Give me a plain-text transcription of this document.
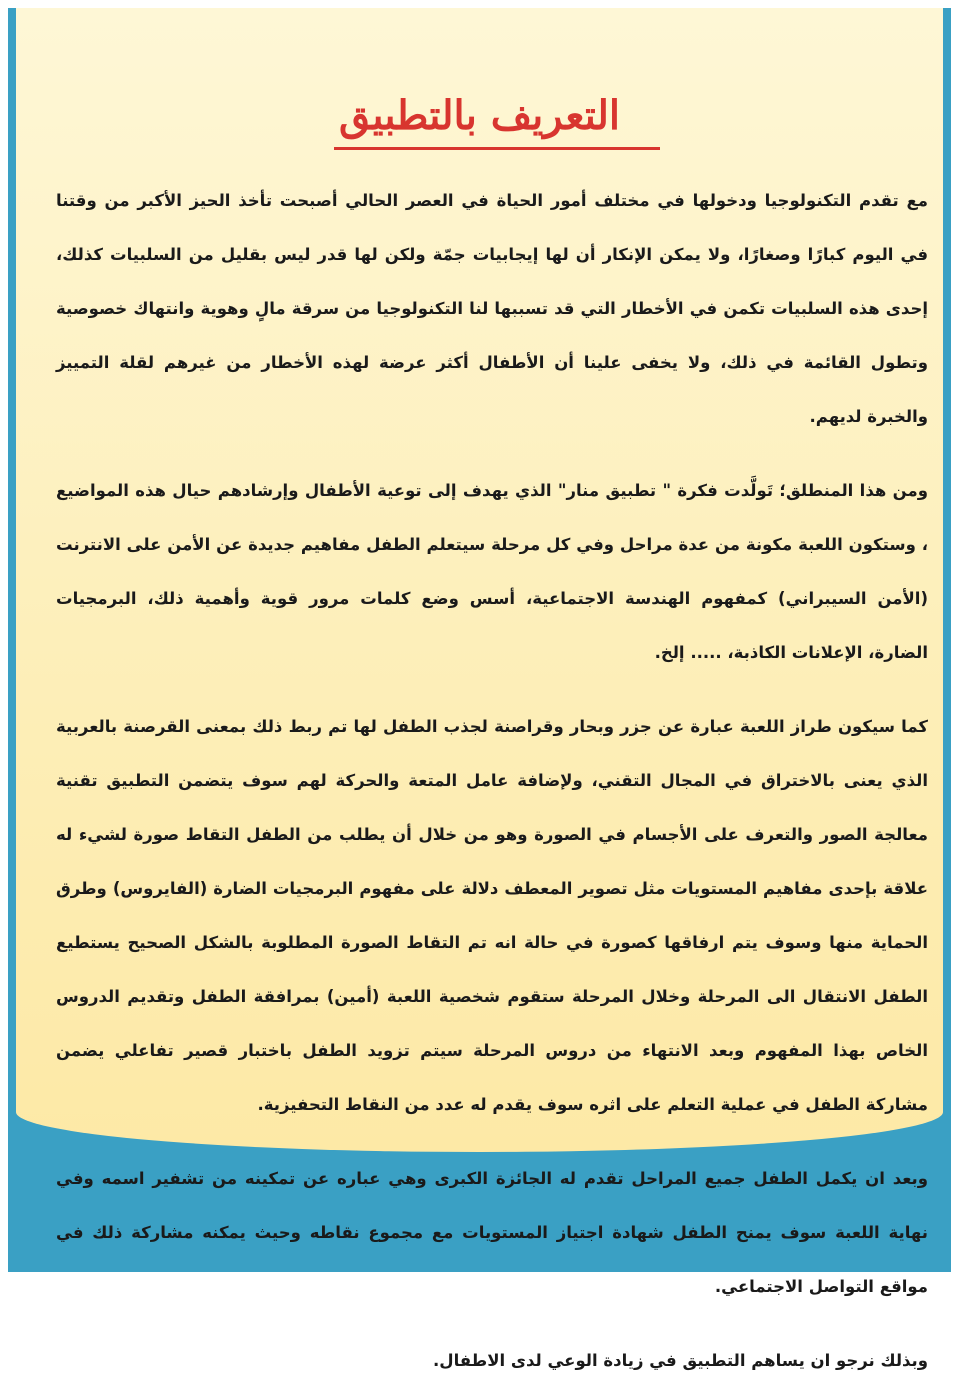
التعريف بالتطبيق

مع تقدم التكنولوجيا ودخولها في مختلف أمور الحياة في العصر الحالي أصبحت تأخذ الحيز الأكبر من وقتنا في اليوم كبارًا وصغارًا، ولا يمكن الإنكار أن لها إيجابيات جمّة ولكن لها قدر ليس بقليل من السلبيات كذلك، إحدى هذه السلبيات تكمن في الأخطار التي قد تسببها لنا التكنولوجيا من سرقة مالٍ وهوية وانتهاك خصوصية وتطول القائمة في ذلك، ولا يخفى علينا أن الأطفال أكثر عرضة لهذه الأخطار من غيرهم لقلة التمييز والخبرة لديهم.

ومن هذا المنطلق؛ تَولَّدت فكرة " تطبيق منار" الذي يهدف إلى توعية الأطفال وإرشادهم حيال هذه المواضيع ، وستكون اللعبة مكونة من عدة مراحل وفي كل مرحلة سيتعلم الطفل مفاهيم جديدة عن الأمن على الانترنت (الأمن السيبراني) كمفهوم الهندسة الاجتماعية، أسس وضع كلمات مرور قوية وأهمية ذلك، البرمجيات الضارة، الإعلانات الكاذبة، ..... إلخ.

كما سيكون طراز اللعبة عبارة عن جزر وبحار وقراصنة لجذب الطفل لها تم ربط ذلك بمعنى القرصنة بالعربية الذي يعنى بالاختراق في المجال التقني، ولإضافة عامل المتعة والحركة لهم سوف يتضمن التطبيق تقنية معالجة الصور والتعرف على الأجسام في الصورة وهو من خلال أن يطلب من الطفل التقاط صورة لشيء له علاقة بإحدى مفاهيم المستويات مثل تصوير المعطف دلالة على مفهوم البرمجيات الضارة (الفايروس) وطرق الحماية منها وسوف يتم ارفاقها كصورة في حالة انه تم التقاط الصورة المطلوبة بالشكل الصحيح يستطيع الطفل الانتقال الى المرحلة وخلال المرحلة ستقوم شخصية اللعبة (أمين) بمرافقة الطفل وتقديم الدروس الخاص بهذا المفهوم وبعد الانتهاء من دروس المرحلة سيتم تزويد الطفل باختبار قصير تفاعلي يضمن مشاركة الطفل في عملية التعلم على اثره سوف يقدم له عدد من النقاط التحفيزية.

وبعد ان يكمل الطفل جميع المراحل تقدم له الجائزة الكبرى وهي عباره عن تمكينه من تشفير اسمه وفي نهاية اللعبة سوف يمنح الطفل شهادة اجتياز المستويات مع مجموع نقاطه وحيث يمكنه مشاركة ذلك في مواقع التواصل الاجتماعي.

وبذلك نرجو ان يساهم التطبيق في زيادة الوعي لدى الاطفال.
